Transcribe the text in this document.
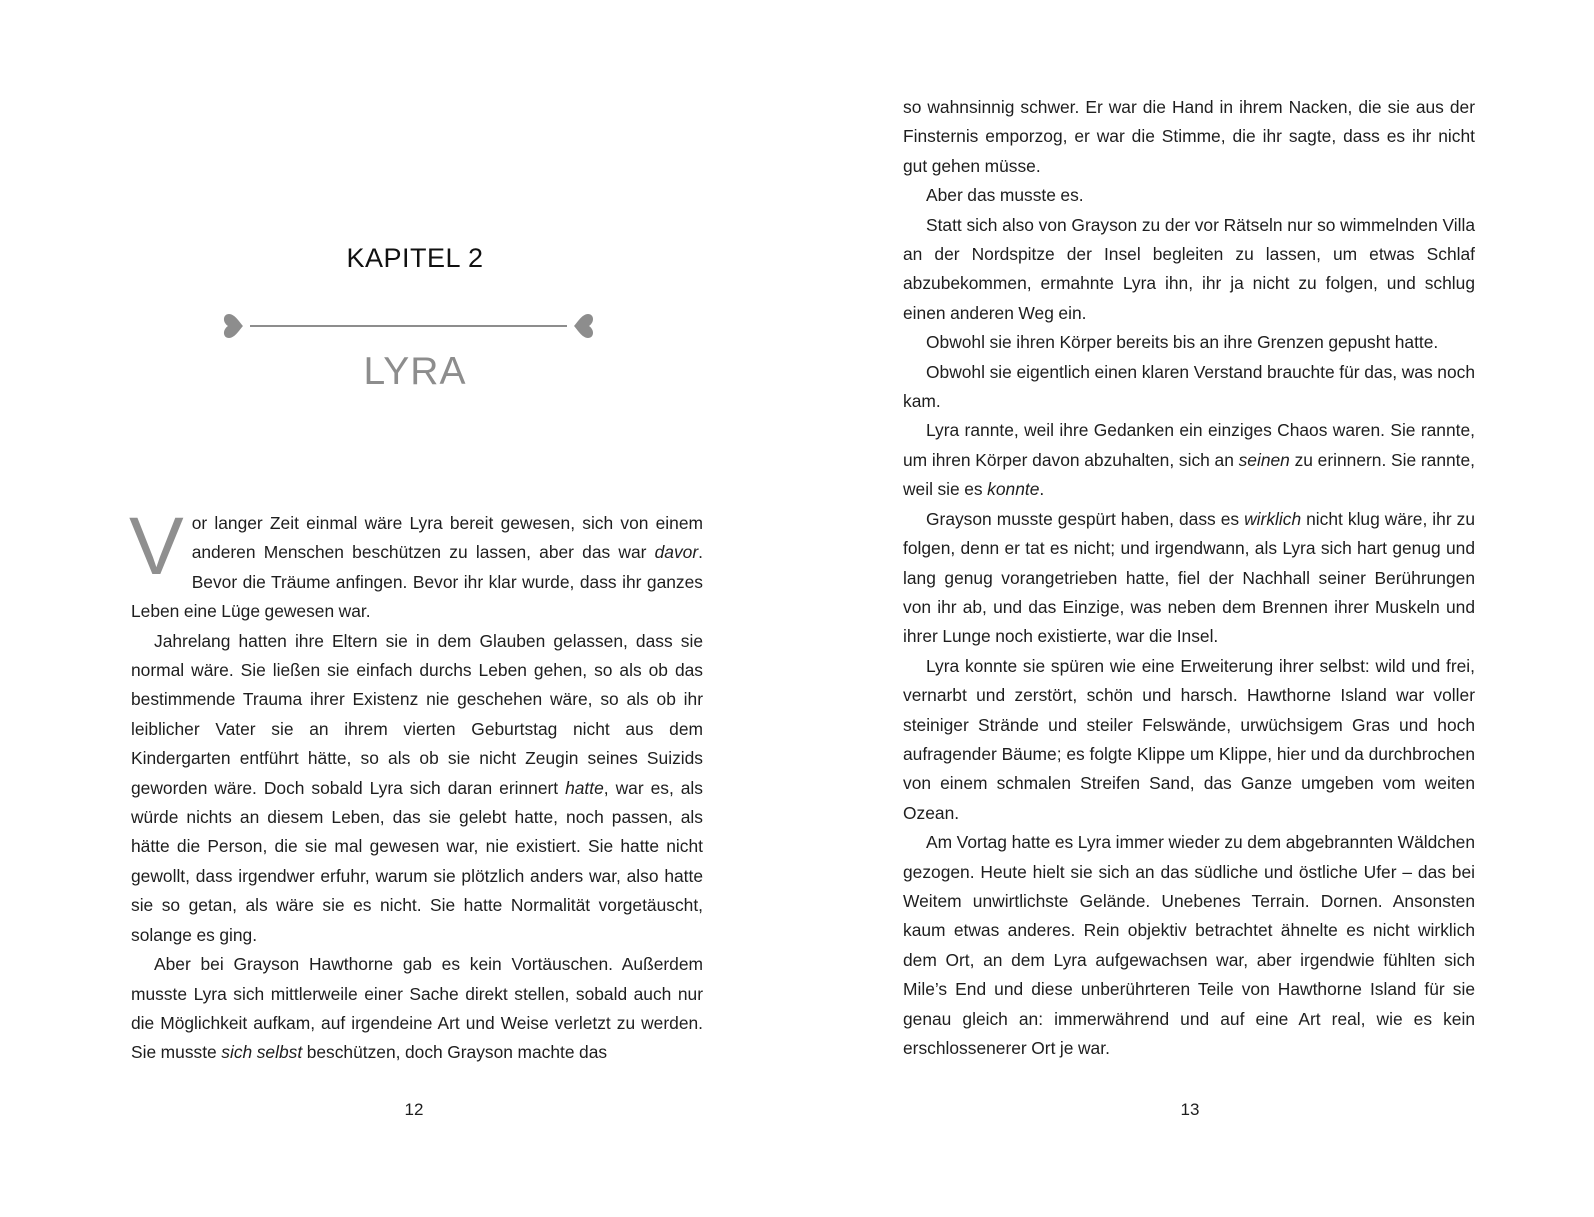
KAPITEL 2
LYRA

Vor langer Zeit einmal wäre Lyra bereit gewesen, sich von einem anderen Menschen beschützen zu lassen, aber das war davor. Bevor die Träume anfingen. Bevor ihr klar wurde, dass ihr ganzes Leben eine Lüge gewesen war.

Jahrelang hatten ihre Eltern sie in dem Glauben gelassen, dass sie normal wäre. Sie ließen sie einfach durchs Leben gehen, so als ob das bestimmende Trauma ihrer Existenz nie geschehen wäre, so als ob ihr leiblicher Vater sie an ihrem vierten Geburtstag nicht aus dem Kindergarten entführt hätte, so als ob sie nicht Zeugin seines Suizids geworden wäre. Doch sobald Lyra sich daran erinnert hatte, war es, als würde nichts an diesem Leben, das sie gelebt hatte, noch passen, als hätte die Person, die sie mal gewesen war, nie existiert. Sie hatte nicht gewollt, dass irgendwer erfuhr, warum sie plötzlich anders war, also hatte sie so getan, als wäre sie es nicht. Sie hatte Normalität vorgetäuscht, solange es ging.

Aber bei Grayson Hawthorne gab es kein Vortäuschen. Außerdem musste Lyra sich mittlerweile einer Sache direkt stellen, sobald auch nur die Möglichkeit aufkam, auf irgendeine Art und Weise verletzt zu werden. Sie musste sich selbst beschützen, doch Grayson machte das

12

so wahnsinnig schwer. Er war die Hand in ihrem Nacken, die sie aus der Finsternis emporzog, er war die Stimme, die ihr sagte, dass es ihr nicht gut gehen müsse.

Aber das musste es.

Statt sich also von Grayson zu der vor Rätseln nur so wimmelnden Villa an der Nordspitze der Insel begleiten zu lassen, um etwas Schlaf abzubekommen, ermahnte Lyra ihn, ihr ja nicht zu folgen, und schlug einen anderen Weg ein.

Obwohl sie ihren Körper bereits bis an ihre Grenzen gepusht hatte.

Obwohl sie eigentlich einen klaren Verstand brauchte für das, was noch kam.

Lyra rannte, weil ihre Gedanken ein einziges Chaos waren. Sie rannte, um ihren Körper davon abzuhalten, sich an seinen zu erinnern. Sie rannte, weil sie es konnte.

Grayson musste gespürt haben, dass es wirklich nicht klug wäre, ihr zu folgen, denn er tat es nicht; und irgendwann, als Lyra sich hart genug und lang genug vorangetrieben hatte, fiel der Nachhall seiner Berührungen von ihr ab, und das Einzige, was neben dem Brennen ihrer Muskeln und ihrer Lunge noch existierte, war die Insel.

Lyra konnte sie spüren wie eine Erweiterung ihrer selbst: wild und frei, vernarbt und zerstört, schön und harsch. Hawthorne Island war voller steiniger Strände und steiler Felswände, urwüchsigem Gras und hoch aufragender Bäume; es folgte Klippe um Klippe, hier und da durchbrochen von einem schmalen Streifen Sand, das Ganze umgeben vom weiten Ozean.

Am Vortag hatte es Lyra immer wieder zu dem abgebrannten Wäldchen gezogen. Heute hielt sie sich an das südliche und östliche Ufer – das bei Weitem unwirtlichste Gelände. Unebenes Terrain. Dornen. Ansonsten kaum etwas anderes. Rein objektiv betrachtet ähnelte es nicht wirklich dem Ort, an dem Lyra aufgewachsen war, aber irgendwie fühlten sich Mile’s End und diese unberührteren Teile von Hawthorne Island für sie genau gleich an: immerwährend und auf eine Art real, wie es kein erschlossenerer Ort je war.

13
